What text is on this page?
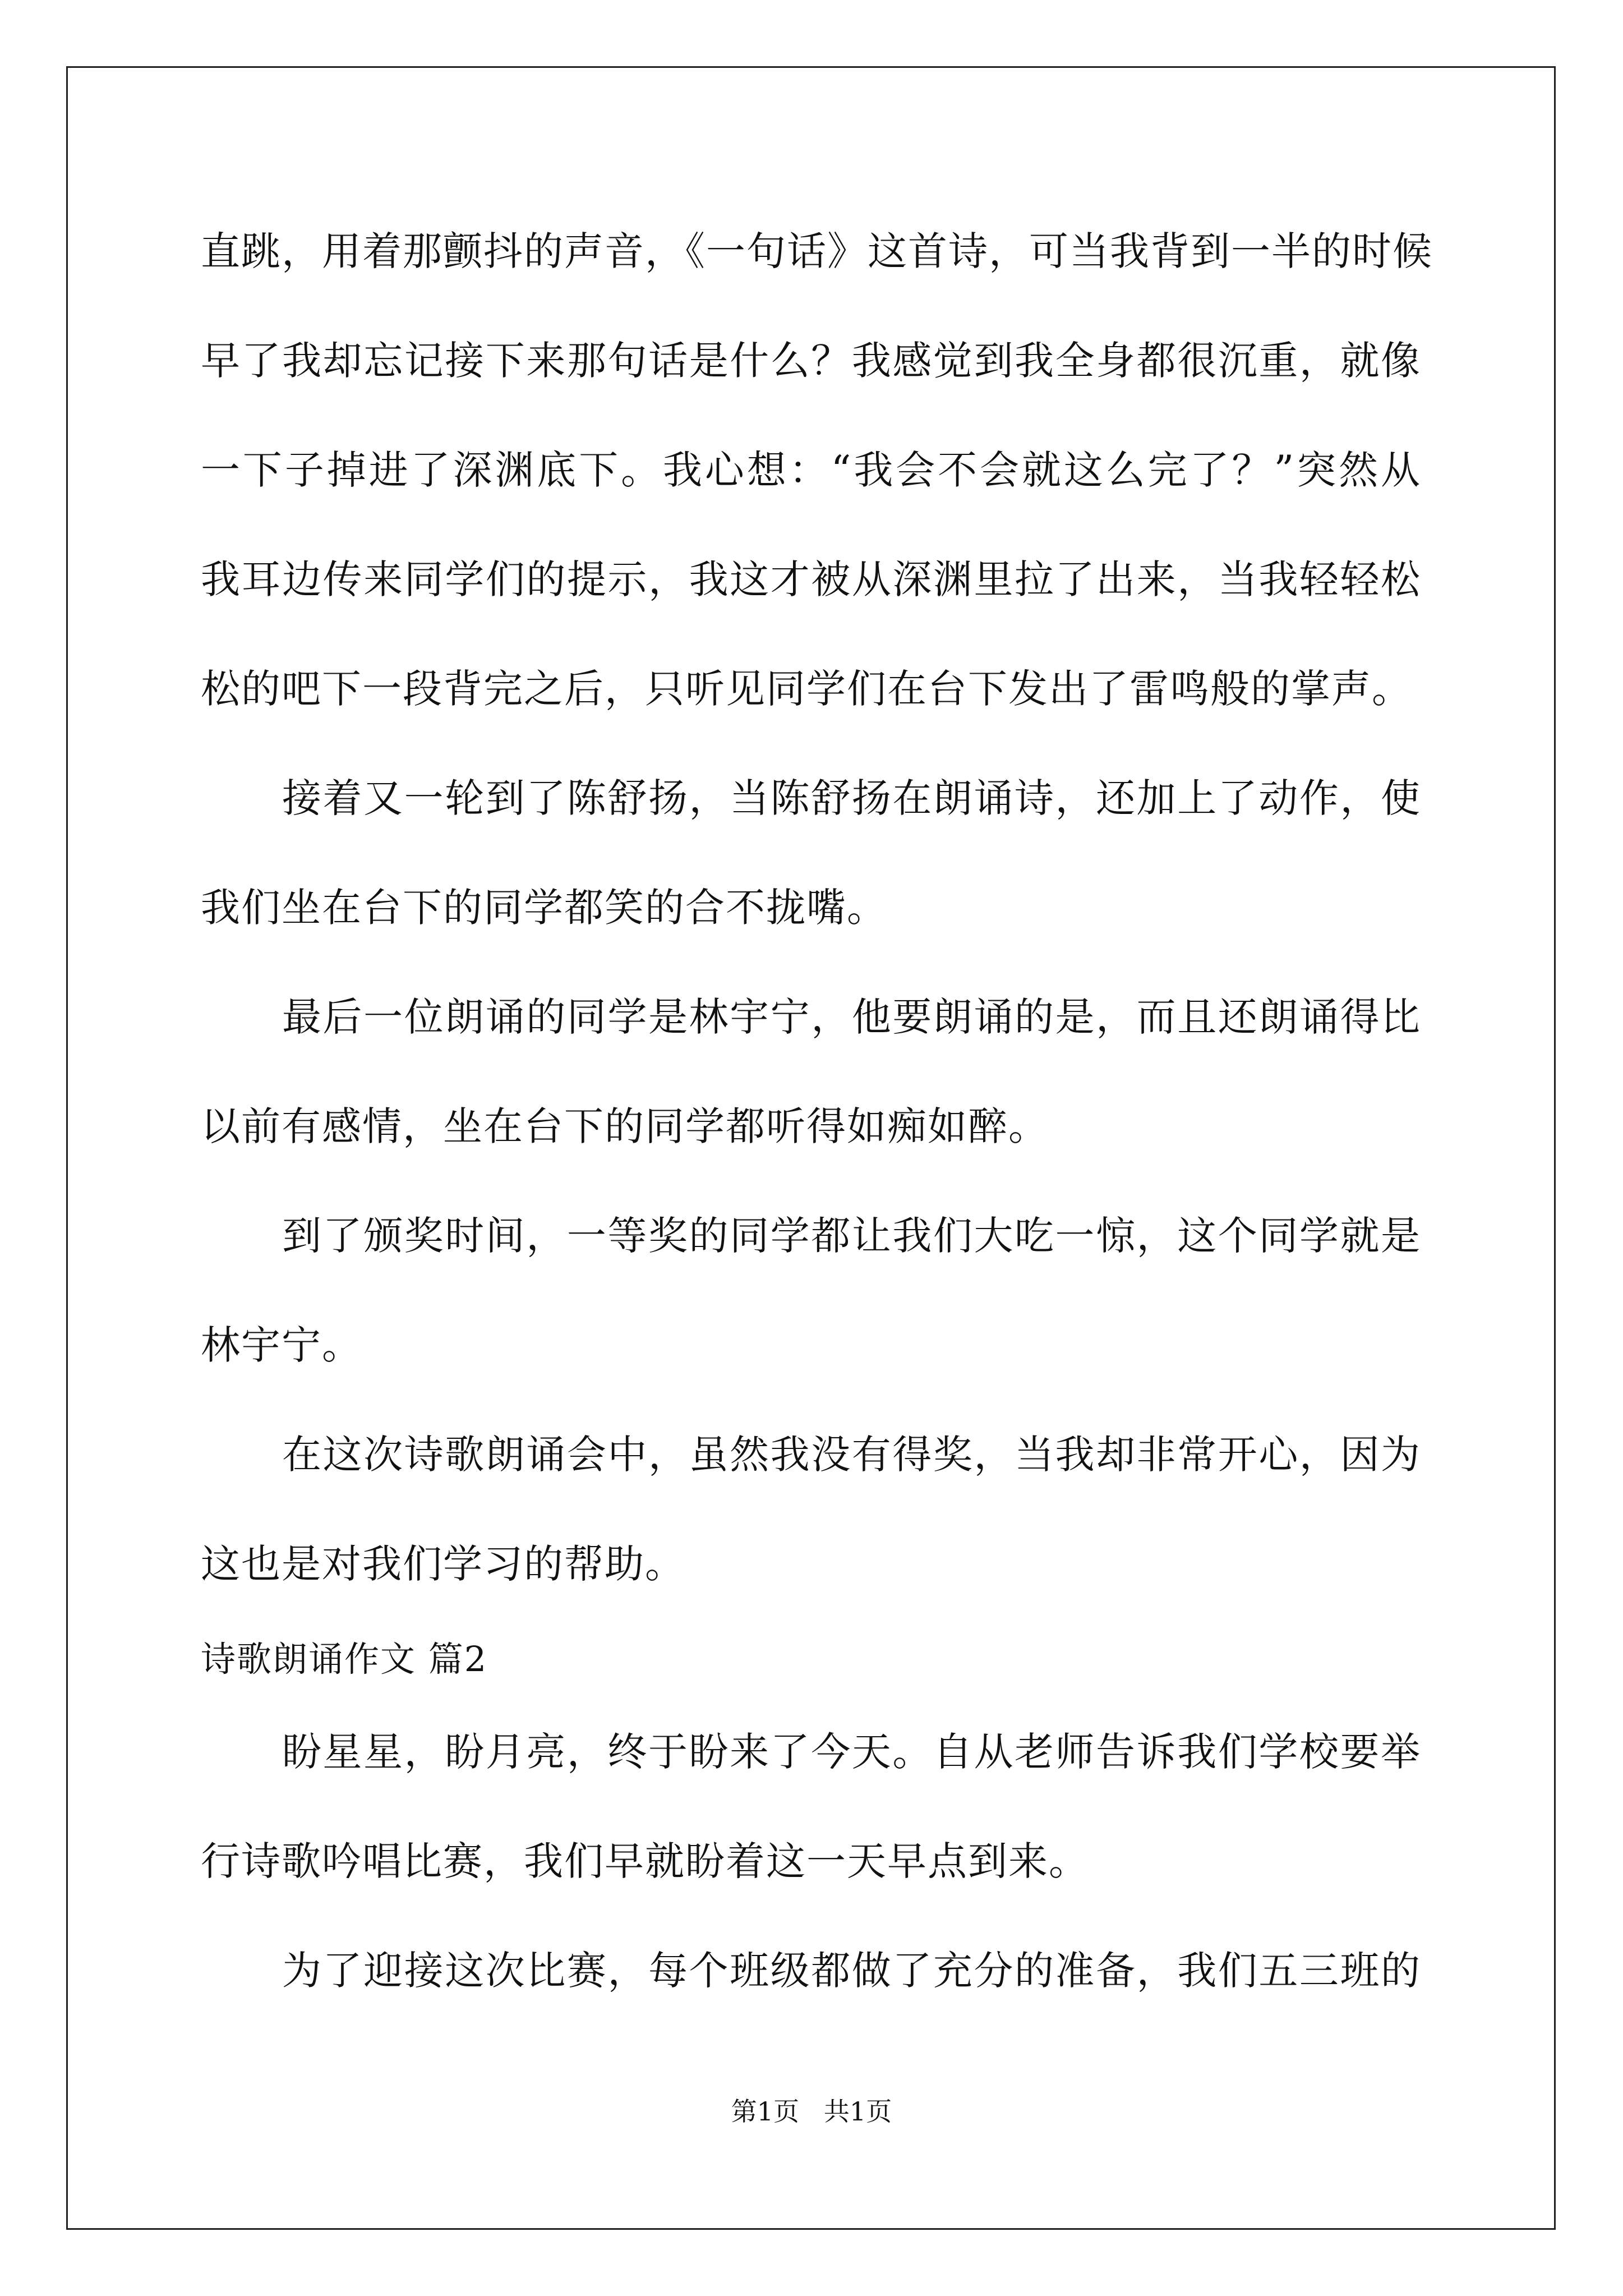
直跳，用着那颤抖的声音，《一句话》这首诗，可当我背到一半的时候
早了我却忘记接下来那句话是什么？我感觉到我全身都很沉重，就像
一下子掉进了深渊底下。我心想：“我会不会就这么完了？”突然从
我耳边传来同学们的提示，我这才被从深渊里拉了出来，当我轻轻松
松的吧下一段背完之后，只听见同学们在台下发出了雷鸣般的掌声。
接着又一轮到了陈舒扬，当陈舒扬在朗诵诗，还加上了动作，使
我们坐在台下的同学都笑的合不拢嘴。
最后一位朗诵的同学是林宇宁，他要朗诵的是，而且还朗诵得比
以前有感情，坐在台下的同学都听得如痴如醉。
到了颁奖时间，一等奖的同学都让我们大吃一惊，这个同学就是
林宇宁。
在这次诗歌朗诵会中，虽然我没有得奖，当我却非常开心，因为
这也是对我们学习的帮助。
诗歌朗诵作文 篇2
盼星星，盼月亮，终于盼来了今天。自从老师告诉我们学校要举
行诗歌吟唱比赛，我们早就盼着这一天早点到来。
为了迎接这次比赛，每个班级都做了充分的准备，我们五三班的
第1页   共1页
